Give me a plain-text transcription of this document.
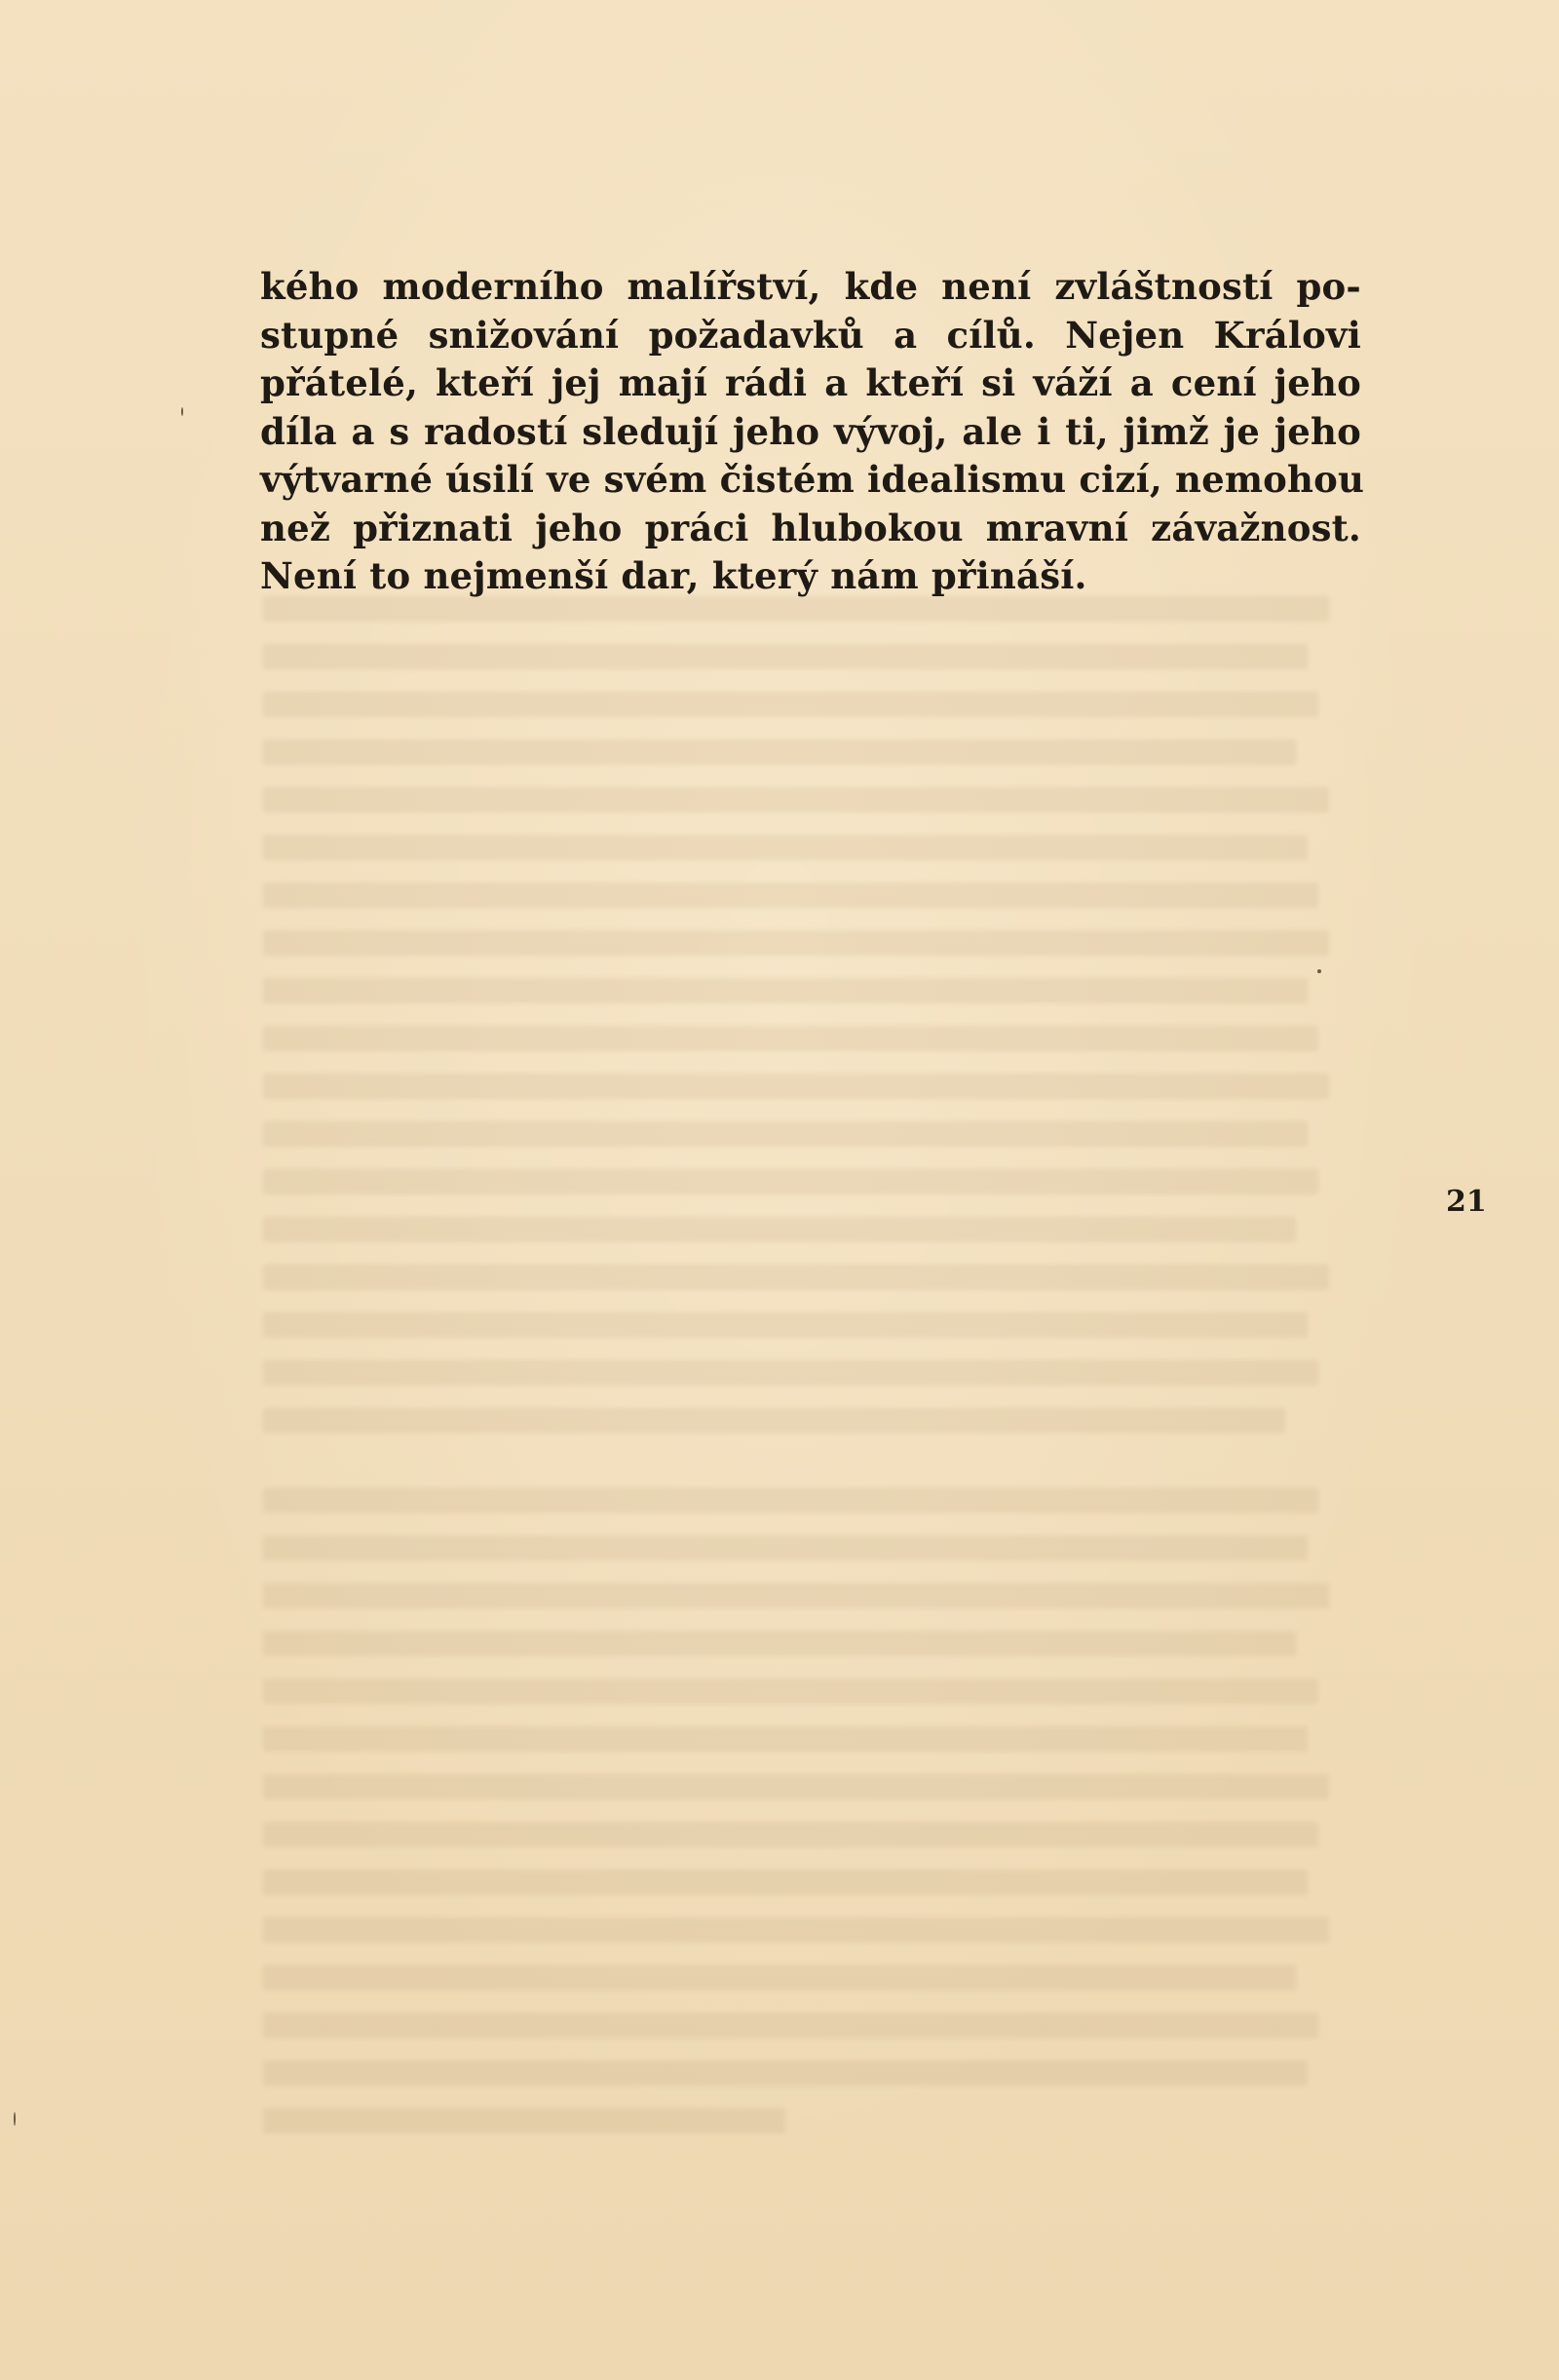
kého moderního malířství, kde není zvláštností po-
stupné snižování požadavků a cílů. Nejen Královi
přátelé, kteří jej mají rádi a kteří si váží a cení jeho
díla a s radostí sledují jeho vývoj, ale i ti, jimž je jeho
výtvarné úsilí ve svém čistém idealismu cizí, nemohou
než přiznati jeho práci hlubokou mravní závažnost.
Není to nejmenší dar, který nám přináší.
21
